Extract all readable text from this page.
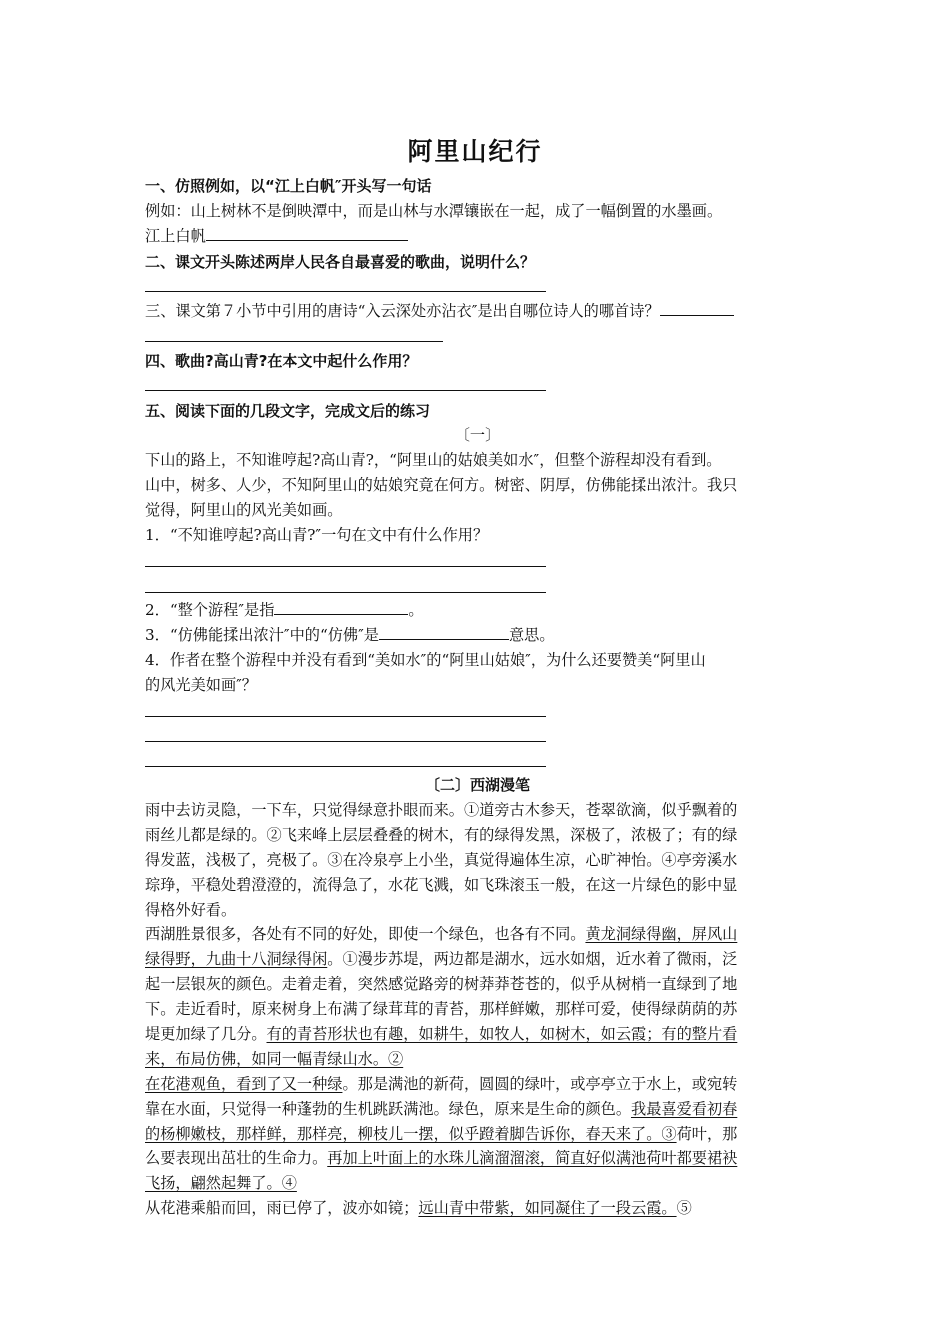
阿里山纪行
一、仿照例如，以“江上白帆″开头写一句话
例如：山上树林不是倒映潭中，而是山林与水潭镶嵌在一起，成了一幅倒置的水墨画。
江上白帆
二、课文开头陈述两岸人民各自最喜爱的歌曲，说明什么？
三、课文第７小节中引用的唐诗“入云深处亦沾衣″是出自哪位诗人的哪首诗？
四、歌曲?高山青?在本文中起什么作用？
五、阅读下面的几段文字，完成文后的练习
〔一〕
下山的路上，不知谁哼起?高山青?，“阿里山的姑娘美如水″，但整个游程却没有看到。
山中，树多、人少，不知阿里山的姑娘究竟在何方。树密、阴厚，仿佛能揉出浓汁。我只
觉得，阿里山的风光美如画。
1．“不知谁哼起?高山青?″一句在文中有什么作用？
2．“整个游程″是指	。
3．“仿佛能揉出浓汁″中的“仿佛″是	意思。
4．作者在整个游程中并没有看到“美如水″的“阿里山姑娘″，为什么还要赞美“阿里山
的风光美如画″？
〔二〕西湖漫笔
雨中去访灵隐，一下车，只觉得绿意扑眼而来。①道旁古木参天，苍翠欲滴，似乎飘着的
雨丝儿都是绿的。②飞来峰上层层叠叠的树木，有的绿得发黑，深极了，浓极了；有的绿
得发蓝，浅极了，亮极了。③在冷泉亭上小坐，真觉得遍体生凉，心旷神怡。④亭旁溪水
琮琤，平稳处碧澄澄的，流得急了，水花飞溅，如飞珠滚玉一般，在这一片绿色的影中显
得格外好看。
西湖胜景很多，各处有不同的好处，即使一个绿色，也各有不同。黄龙洞绿得幽，屏风山
绿得野，九曲十八洞绿得闲。①漫步苏堤，两边都是湖水，远水如烟，近水着了微雨，泛
起一层银灰的颜色。走着走着，突然感觉路旁的树莽莽苍苍的，似乎从树梢一直绿到了地
下。走近看时，原来树身上布满了绿茸茸的青苔，那样鲜嫩，那样可爱，使得绿荫荫的苏
堤更加绿了几分。有的青苔形状也有趣，如耕牛，如牧人，如树木，如云霞；有的整片看
来，布局仿佛，如同一幅青绿山水。②
在花港观鱼，看到了又一种绿。那是满池的新荷，圆圆的绿叶，或亭亭立于水上，或宛转
靠在水面，只觉得一种蓬勃的生机跳跃满池。绿色，原来是生命的颜色。我最喜爱看初春
的杨柳嫩枝，那样鲜，那样亮，柳枝儿一摆，似乎蹬着脚告诉你，春天来了。③荷叶，那
么要表现出茁壮的生命力。再加上叶面上的水珠儿滴溜溜滚，简直好似满池荷叶都要裙袂
飞扬，翩然起舞了。④
从花港乘船而回，雨已停了，波亦如镜；远山青中带紫，如同凝住了一段云霞。⑤
